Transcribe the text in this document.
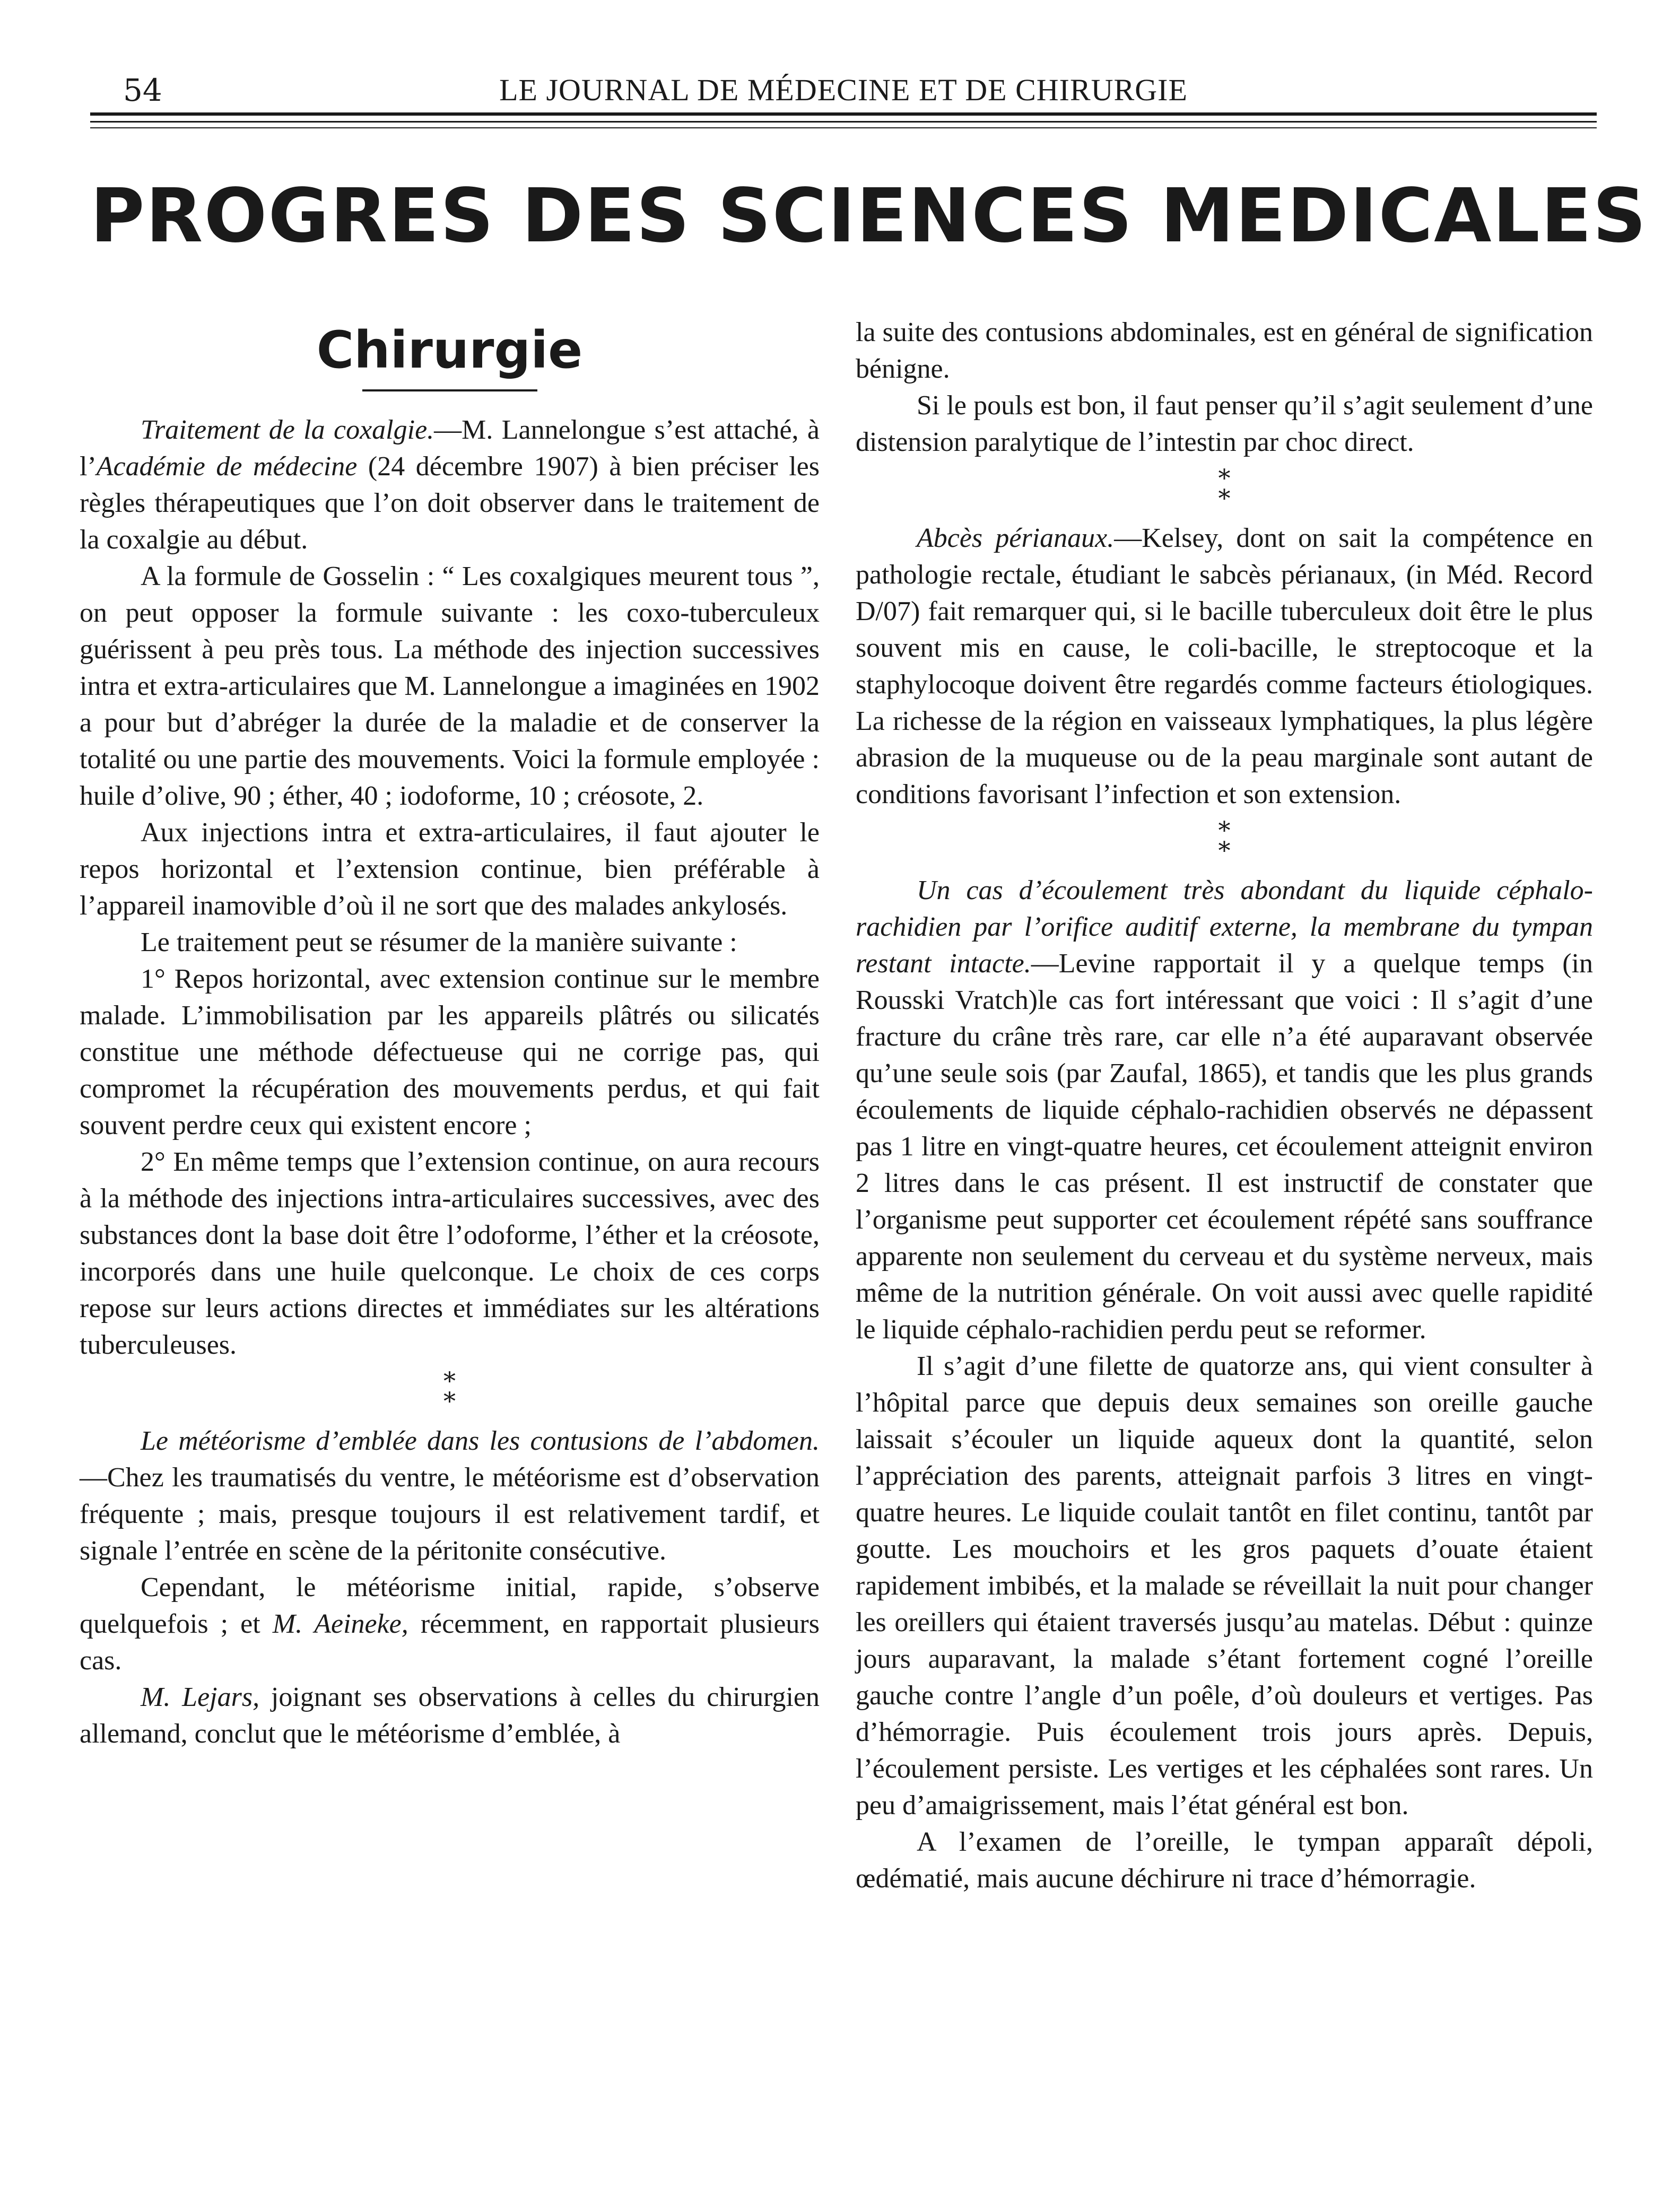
54	LE JOURNAL DE MÉDECINE ET DE CHIRURGIE
PROGRES DES SCIENCES MEDICALES
Chirurgie

Traitement de la coxalgie.—M. Lannelongue s’est attaché, à l’Académie de médecine (24 décembre 1907) à bien préciser les règles thérapeutiques que l’on doit observer dans le traitement de la coxalgie au début.

A la formule de Gosselin : “ Les coxalgiques meurent tous ”, on peut opposer la formule suivante : les coxo-tuberculeux guérissent à peu près tous. La méthode des injection successives intra et extra-articulaires que M. Lannelongue a imaginées en 1902 a pour but d’abréger la durée de la maladie et de conserver la totalité ou une partie des mouvements. Voici la formule employée : huile d’olive, 90 ; éther, 40 ; iodoforme, 10 ; créosote, 2.

Aux injections intra et extra-articulaires, il faut ajouter le repos horizontal et l’extension continue, bien préférable à l’appareil inamovible d’où il ne sort que des malades ankylosés.

Le traitement peut se résumer de la manière suivante :

1° Repos horizontal, avec extension continue sur le membre malade. L’immobilisation par les appareils plâtrés ou silicatés constitue une méthode défectueuse qui ne corrige pas, qui compromet la récupération des mouvements perdus, et qui fait souvent perdre ceux qui existent encore ;

2° En même temps que l’extension continue, on aura recours à la méthode des injections intra-articulaires successives, avec des substances dont la base doit être l’odoforme, l’éther et la créosote, incorporés dans une huile quelconque. Le choix de ces corps repose sur leurs actions directes et immédiates sur les altérations tuberculeuses.

*
*

Le météorisme d’emblée dans les contusions de l’abdomen.—Chez les traumatisés du ventre, le météorisme est d’observation fréquente ; mais, presque toujours il est relativement tardif, et signale l’entrée en scène de la péritonite consécutive.

Cependant, le météorisme initial, rapide, s’observe quelquefois ; et M. Aeineke, récemment, en rapportait plusieurs cas.

M. Lejars, joignant ses observations à celles du chirurgien allemand, conclut que le météorisme d’emblée, à

la suite des contusions abdominales, est en général de signification bénigne.

Si le pouls est bon, il faut penser qu’il s’agit seulement d’une distension paralytique de l’intestin par choc direct.

*
*

Abcès périanaux.—Kelsey, dont on sait la compétence en pathologie rectale, étudiant le sabcès périanaux, (in Méd. Record D/07) fait remarquer qui, si le bacille tuberculeux doit être le plus souvent mis en cause, le coli-bacille, le streptocoque et la staphylocoque doivent être regardés comme facteurs étiologiques. La richesse de la région en vaisseaux lymphatiques, la plus légère abrasion de la muqueuse ou de la peau marginale sont autant de conditions favorisant l’infection et son extension.

*
*

Un cas d’écoulement très abondant du liquide céphalo-rachidien par l’orifice auditif externe, la membrane du tympan restant intacte.—Levine rapportait il y a quelque temps (in Rousski Vratch)le cas fort intéressant que voici : Il s’agit d’une fracture du crâne très rare, car elle n’a été auparavant observée qu’une seule sois (par Zaufal, 1865), et tandis que les plus grands écoulements de liquide céphalo-rachidien observés ne dépassent pas 1 litre en vingt-quatre heures, cet écoulement atteignit environ 2 litres dans le cas présent. Il est instructif de constater que l’organisme peut supporter cet écoulement répété sans souffrance apparente non seulement du cerveau et du système nerveux, mais même de la nutrition générale. On voit aussi avec quelle rapidité le liquide céphalo-rachidien perdu peut se reformer.

Il s’agit d’une filette de quatorze ans, qui vient consulter à l’hôpital parce que depuis deux semaines son oreille gauche laissait s’écouler un liquide aqueux dont la quantité, selon l’appréciation des parents, atteignait parfois 3 litres en vingt-quatre heures. Le liquide coulait tantôt en filet continu, tantôt par goutte. Les mouchoirs et les gros paquets d’ouate étaient rapidement imbibés, et la malade se réveillait la nuit pour changer les oreillers qui étaient traversés jusqu’au matelas. Début : quinze jours auparavant, la malade s’étant fortement cogné l’oreille gauche contre l’angle d’un poêle, d’où douleurs et vertiges. Pas d’hémorragie. Puis écoulement trois jours après. Depuis, l’écoulement persiste. Les vertiges et les céphalées sont rares. Un peu d’amaigrissement, mais l’état général est bon.

A l’examen de l’oreille, le tympan apparaît dépoli, œdématié, mais aucune déchirure ni trace d’hémorragie.
